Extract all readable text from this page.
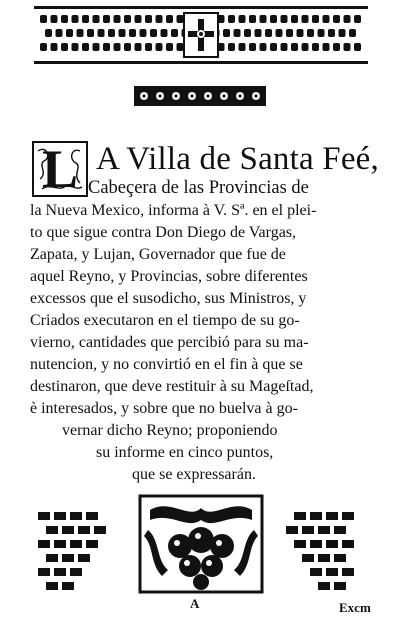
L A Villa de Santa Feé,
Cabeçera de las Provincias de
la Nueva Mexico, informa à V. Sª. en el plei-
to que sigue contra Don Diego de Vargas,
Zapata, y Lujan, Governador que fue de
aquel Reyno, y Provincias, sobre diferentes
excessos que el susodicho, sus Ministros, y
Criados executaron en el tiempo de su go-
vierno, cantidades que percibió para su ma-
nutencion, y no convirtió en el fin à que se
destinaron, que deve restituir à su Mageſtad,
è interesados, y sobre que no buelva à go-
vernar dicho Reyno; proponiendo
su informe en cinco puntos,
que se expressarán.
A	Excm
